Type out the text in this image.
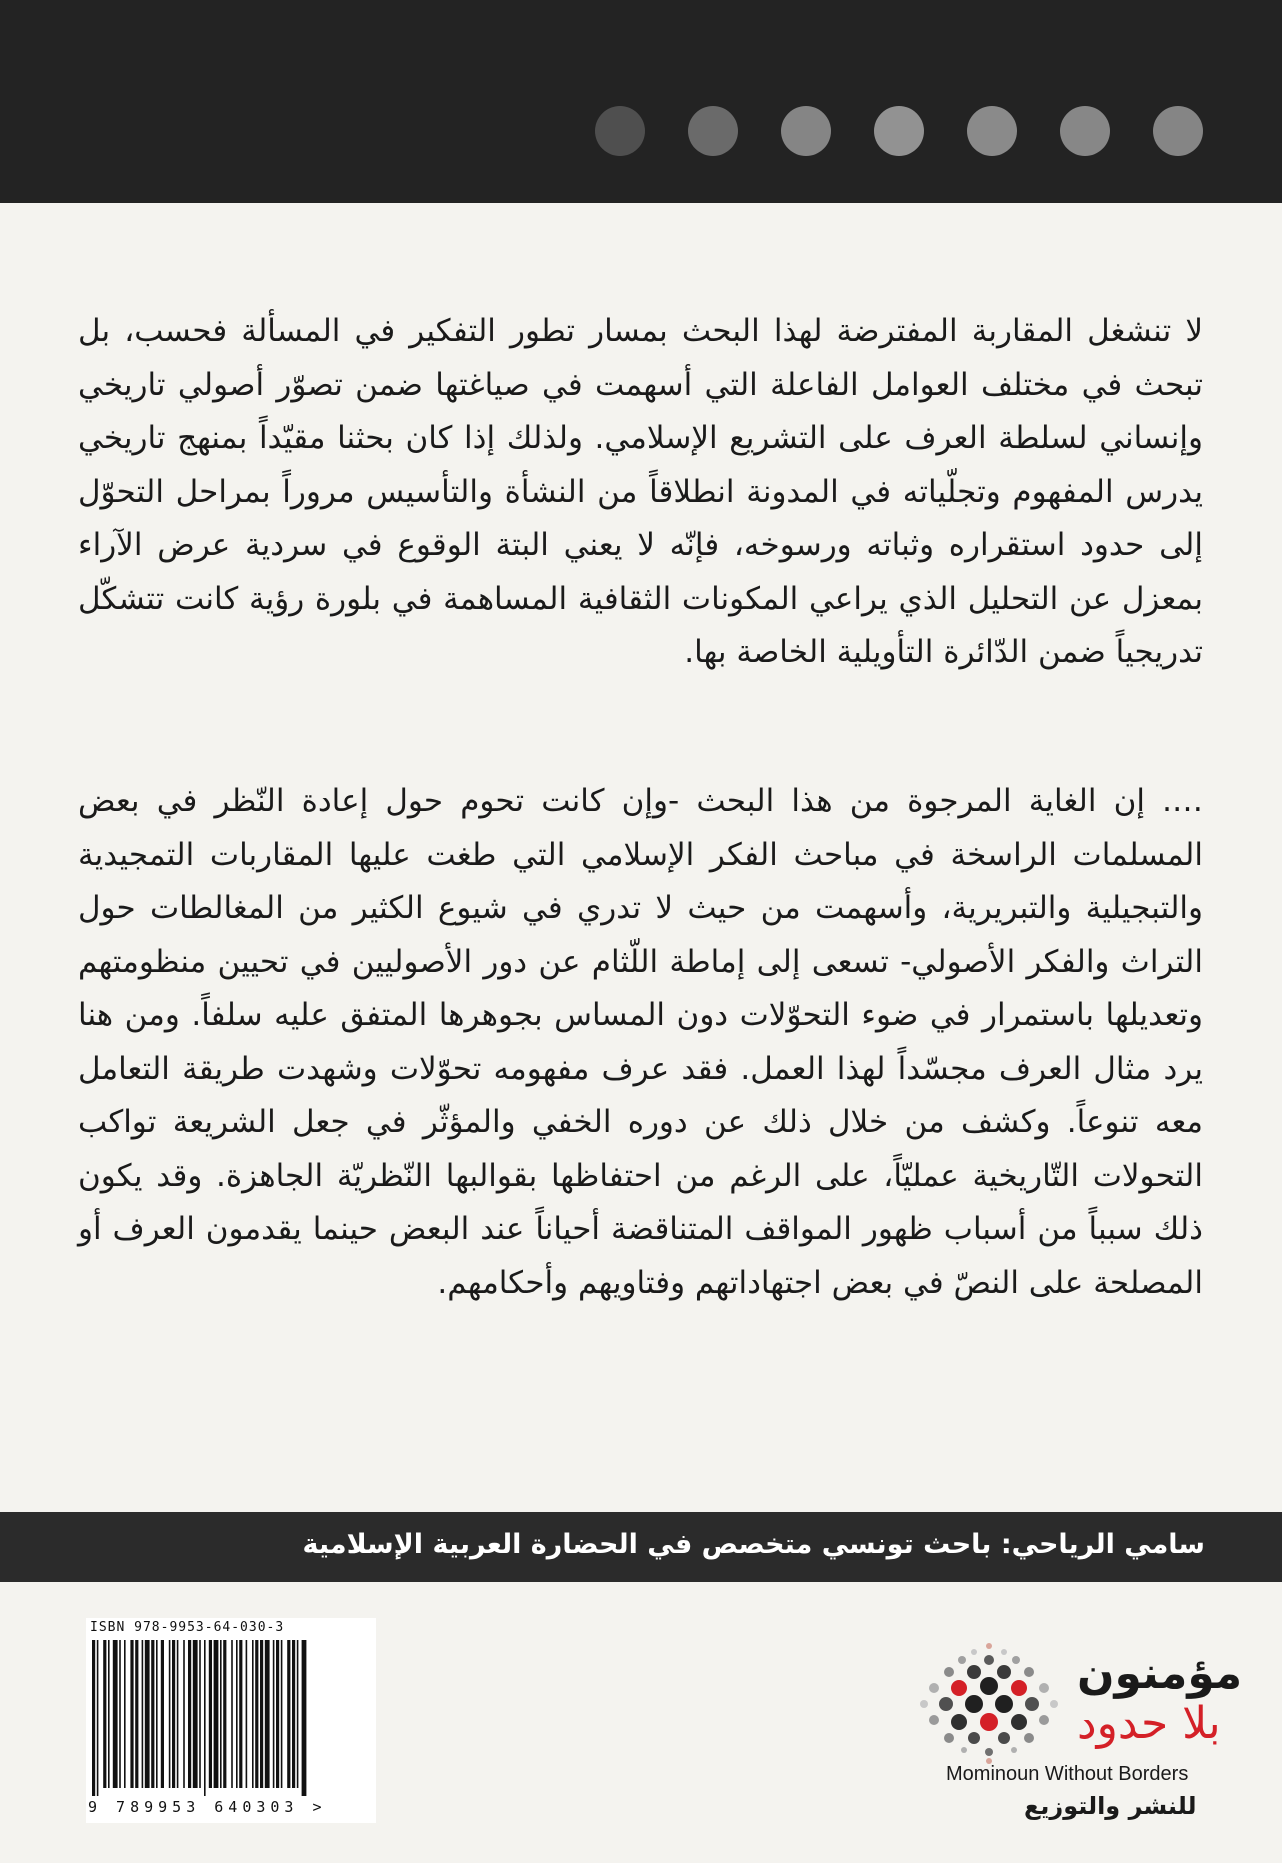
لا تنشغل المقاربة المفترضة لهذا البحث بمسار تطور التفكير في المسألة فحسب، بل تبحث في مختلف العوامل الفاعلة التي أسهمت في صياغتها ضمن تصوّر أصولي تاريخي وإنساني لسلطة العرف على التشريع الإسلامي. ولذلك إذا كان بحثنا مقيّداً بمنهج تاريخي يدرس المفهوم وتجلّياته في المدونة انطلاقاً من النشأة والتأسيس مروراً بمراحل التحوّل إلى حدود استقراره وثباته ورسوخه، فإنّه لا يعني البتة الوقوع في سردية عرض الآراء بمعزل عن التحليل الذي يراعي المكونات الثقافية المساهمة في بلورة رؤية كانت تتشكّل تدريجياً ضمن الدّائرة التأويلية الخاصة بها.

…. إن الغاية المرجوة من هذا البحث -وإن كانت تحوم حول إعادة النّظر في بعض المسلمات الراسخة في مباحث الفكر الإسلامي التي طغت عليها المقاربات التمجيدية والتبجيلية والتبريرية، وأسهمت من حيث لا تدري في شيوع الكثير من المغالطات حول التراث والفكر الأصولي- تسعى إلى إماطة اللّثام عن دور الأصوليين في تحيين منظومتهم وتعديلها باستمرار في ضوء التحوّلات دون المساس بجوهرها المتفق عليه سلفاً. ومن هنا يرد مثال العرف مجسّداً لهذا العمل. فقد عرف مفهومه تحوّلات وشهدت طريقة التعامل معه تنوعاً. وكشف من خلال ذلك عن دوره الخفي والمؤثّر في جعل الشريعة تواكب التحولات التّاريخية عمليّاً، على الرغم من احتفاظها بقوالبها النّظريّة الجاهزة. وقد يكون ذلك سبباً من أسباب ظهور المواقف المتناقضة أحياناً عند البعض حينما يقدمون العرف أو المصلحة على النصّ في بعض اجتهاداتهم وفتاويهم وأحكامهم.

سامي الرياحي: باحث تونسي متخصص في الحضارة العربية الإسلامية
ISBN 978-9953-64-030-3
9 789953 640303 >
مؤمنون
بلا حدود
Mominoun Without Borders
للنشر والتوزيع
